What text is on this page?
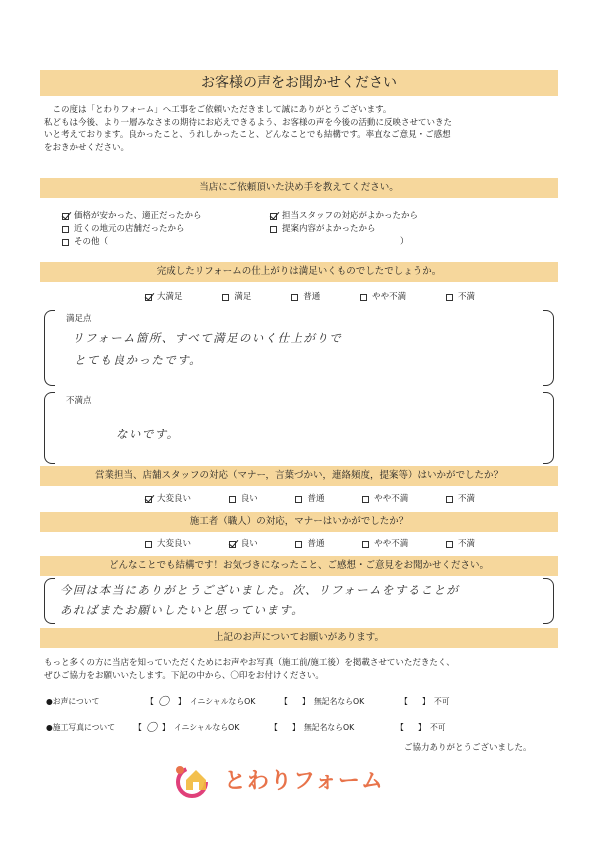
お客様の声をお聞かせください

この度は「とわりフォーム」へ工事をご依頼いただきまして誠にありがとうございます。

私どもは今後、より一層みなさまの期待にお応えできるよう、お客様の声を今後の活動に反映させていきた

いと考えております。良かったこと、うれしかったこと、どんなことでも結構です。率直なご意見・ご感想

をおきかせください。

当店にご依頼頂いた決め手を教えてください。
価格が安かった、適正だったから	担当スタッフの対応がよかったから
近くの地元の店舗だったから	提案内容がよかったから
その他（	）
完成したリフォームの仕上がりは満足いくものでしたでしょうか。
大満足	満足	普通	やや不満	不満
満足点
リフォーム箇所、すべて満足のいく仕上がりで
とても良かったです。
不満点
ないです。
営業担当、店舗スタッフの対応（マナー，言葉づかい，連絡頻度，提案等）はいかがでしたか？
大変良い	良い	普通	やや不満	不満
施工者（職人）の対応，マナーはいかがでしたか？
大変良い	良い	普通	やや不満	不満
どんなことでも結構です！お気づきになったこと、ご感想・ご意見をお聞かせください。
今回は本当にありがとうございました。次、リフォームをすることが
あればまたお願いしたいと思っています。
上記のお声についてお願いがあります。

もっと多くの方に当店を知っていただくためにお声やお写真（施工前/施工後）を掲載させていただきたく、

ぜひご協力をお願いいたします。下記の中から、〇印をお付けください。

●お声について	【 〇 】 イニシャルならOK	【 】 無記名ならOK	【 】 不可
●施工写真について 【 〇 】 イニシャルならOK	【 】 無記名ならOK	【 】 不可
ご協力ありがとうございました。
とわりフォーム
